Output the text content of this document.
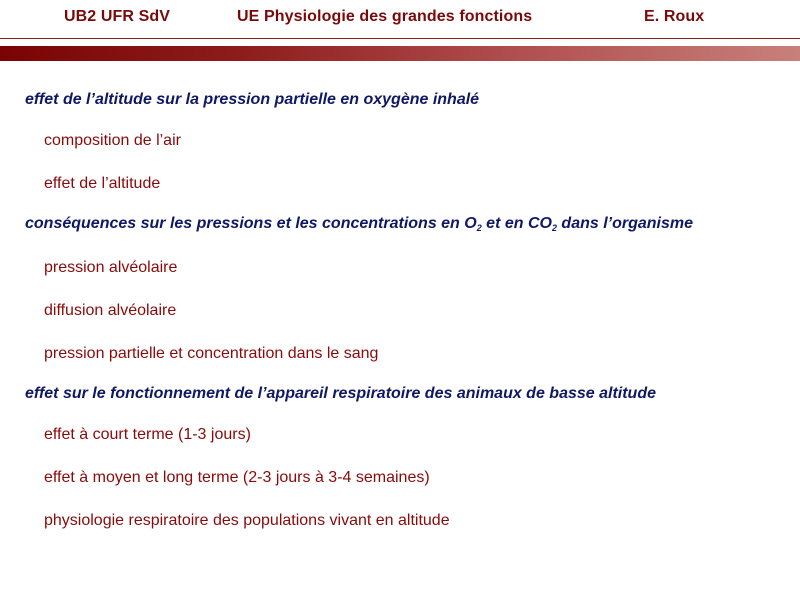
UB2 UFR SdV	UE Physiologie des grandes fonctions	E. Roux
effet de l’altitude sur la pression partielle en oxygène inhalé
composition de l’air
effet de l’altitude
conséquences sur les pressions et les concentrations en $O_2$ et en $CO_2$ dans l’organisme
pression alvéolaire
diffusion alvéolaire
pression partielle et concentration dans le sang
effet sur le fonctionnement de l’appareil respiratoire des animaux de basse altitude
effet à court terme (1-3 jours)
effet à moyen et long terme (2-3 jours à 3-4 semaines)
physiologie respiratoire des populations vivant en altitude
